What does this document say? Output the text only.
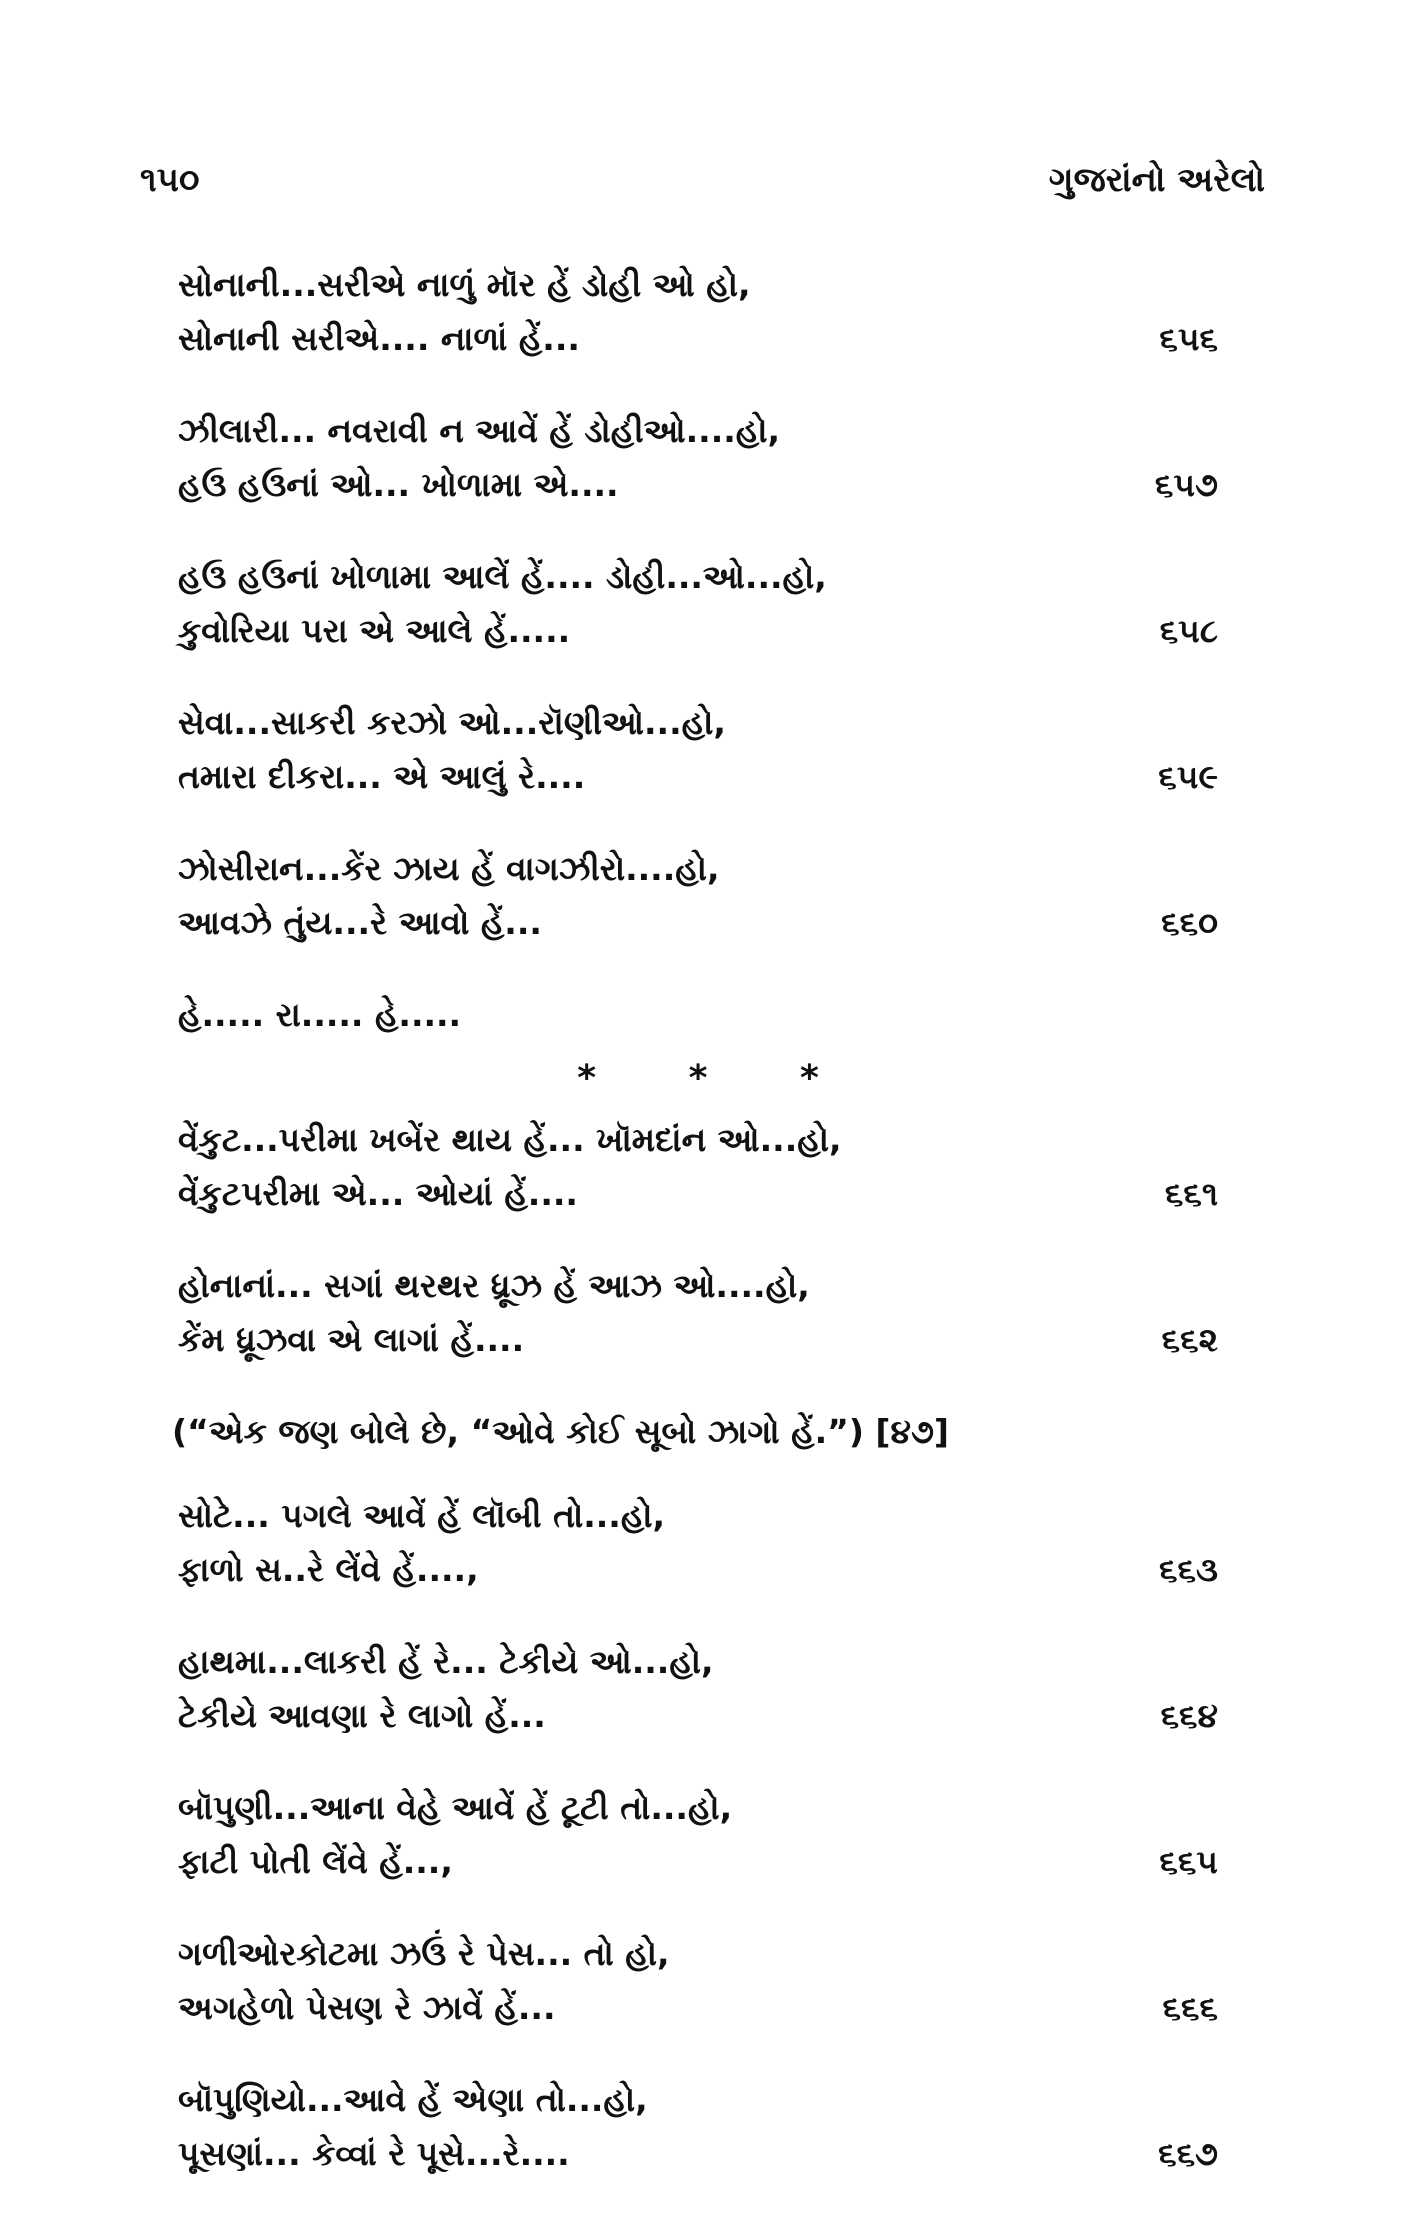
૧૫૦	ગુજરાંનો અરેલો
સોનાની...સરીએ નાળું મૉર હેં ડોહી ઓ હો,
સોનાની સરીએ.... નાળાં હેં...	૬૫૬
ઝીલારી... નવરાવી ન આવેં હેં ડોહીઓ....હો,
હઉ હઉનાં ઓ... ખોળામા એ....	૬૫૭
હઉ હઉનાં ખોળામા આલેં હેં.... ડોહી...ઓ...હો,
કુવોરિયા પરા એ આલે હેં.....	૬૫૮
સેવા...સાકરી કરઝો ઓ...રૉણીઓ...હો,
તમારા દીકરા... એ આલું રે....	૬૫૯
ઝોસીરાન...કેંર ઝાય હેં વાગઝીરો....હો,
આવઝે તુંય...રે આવો હેં...	૬૬૦
હે..... રા..... હે.....
* * *
વેંકુટ...પરીમા ખબેંર થાય હેં... ખૉમદાંન ઓ...હો,
વેંકુટપરીમા એ... ઓયાં હેં....	૬૬૧
હોનાનાં... સગાં થરથર ધ્રૂઝ હેં આઝ ઓ....હો,
કેંમ ધ્રૂઝવા એ લાગાં હેં....	૬૬૨
(“એક જણ બોલે છે, “ઓવે કોઈ સૂબો ઝાગો હેં.”) [૪૭]
સોટે... પગલે આવેં હેં લૉબી તો...હો,
ફાળો સ..રે લેંવે હેં....,	૬૬૩
હાથમા...લાકરી હેં રે... ટેકીયે ઓ...હો,
ટેકીયે આવણા રે લાગો હેં...	૬૬૪
બૉપુણી...આના વેહે આવેં હેં ટૂટી તો...હો,
ફાટી પોતી લેંવે હેં...,	૬૬૫
ગળીઓરકોટમા ઝઉં રે પેસ... તો હો,
અગહેળો પેસણ રે ઝાવેં હેં...	૬૬૬
બૉપુણિયો...આવે હેં એણા તો...હો,
પૂસણાં... કેવ્વાં રે પૂસે...રે....	૬૬૭
